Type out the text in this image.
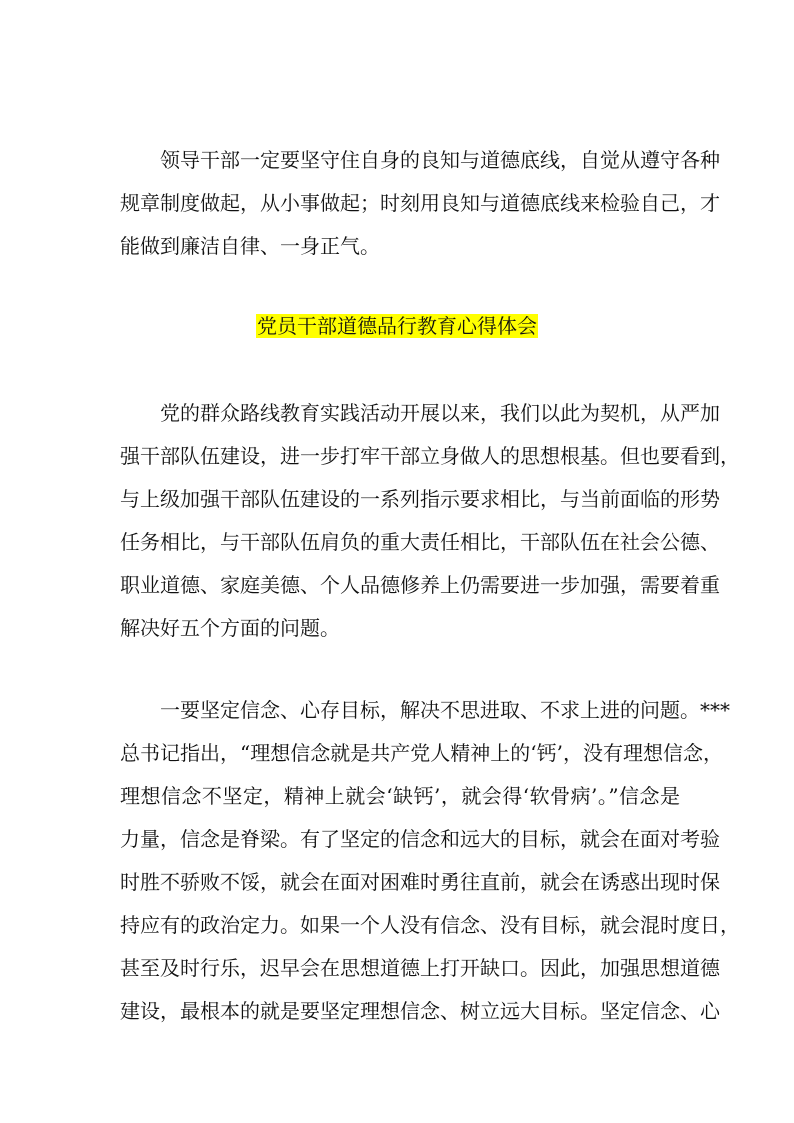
领导干部一定要坚守住自身的良知与道德底线，自觉从遵守各种
规章制度做起，从小事做起；时刻用良知与道德底线来检验自己，才
能做到廉洁自律、一身正气。
党员干部道德品行教育心得体会
党的群众路线教育实践活动开展以来，我们以此为契机，从严加
强干部队伍建设，进一步打牢干部立身做人的思想根基。但也要看到，
与上级加强干部队伍建设的一系列指示要求相比，与当前面临的形势
任务相比，与干部队伍肩负的重大责任相比，干部队伍在社会公德、
职业道德、家庭美德、个人品德修养上仍需要进一步加强，需要着重
解决好五个方面的问题。
一要坚定信念、心存目标，解决不思进取、不求上进的问题。***
总书记指出，“理想信念就是共产党人精神上的‘钙’，没有理想信念，
理想信念不坚定，精神上就会‘缺钙’，就会得‘软骨病’。”信念是
力量，信念是脊梁。有了坚定的信念和远大的目标，就会在面对考验
时胜不骄败不馁，就会在面对困难时勇往直前，就会在诱惑出现时保
持应有的政治定力。如果一个人没有信念、没有目标，就会混时度日，
甚至及时行乐，迟早会在思想道德上打开缺口。因此，加强思想道德
建设，最根本的就是要坚定理想信念、树立远大目标。坚定信念、心
